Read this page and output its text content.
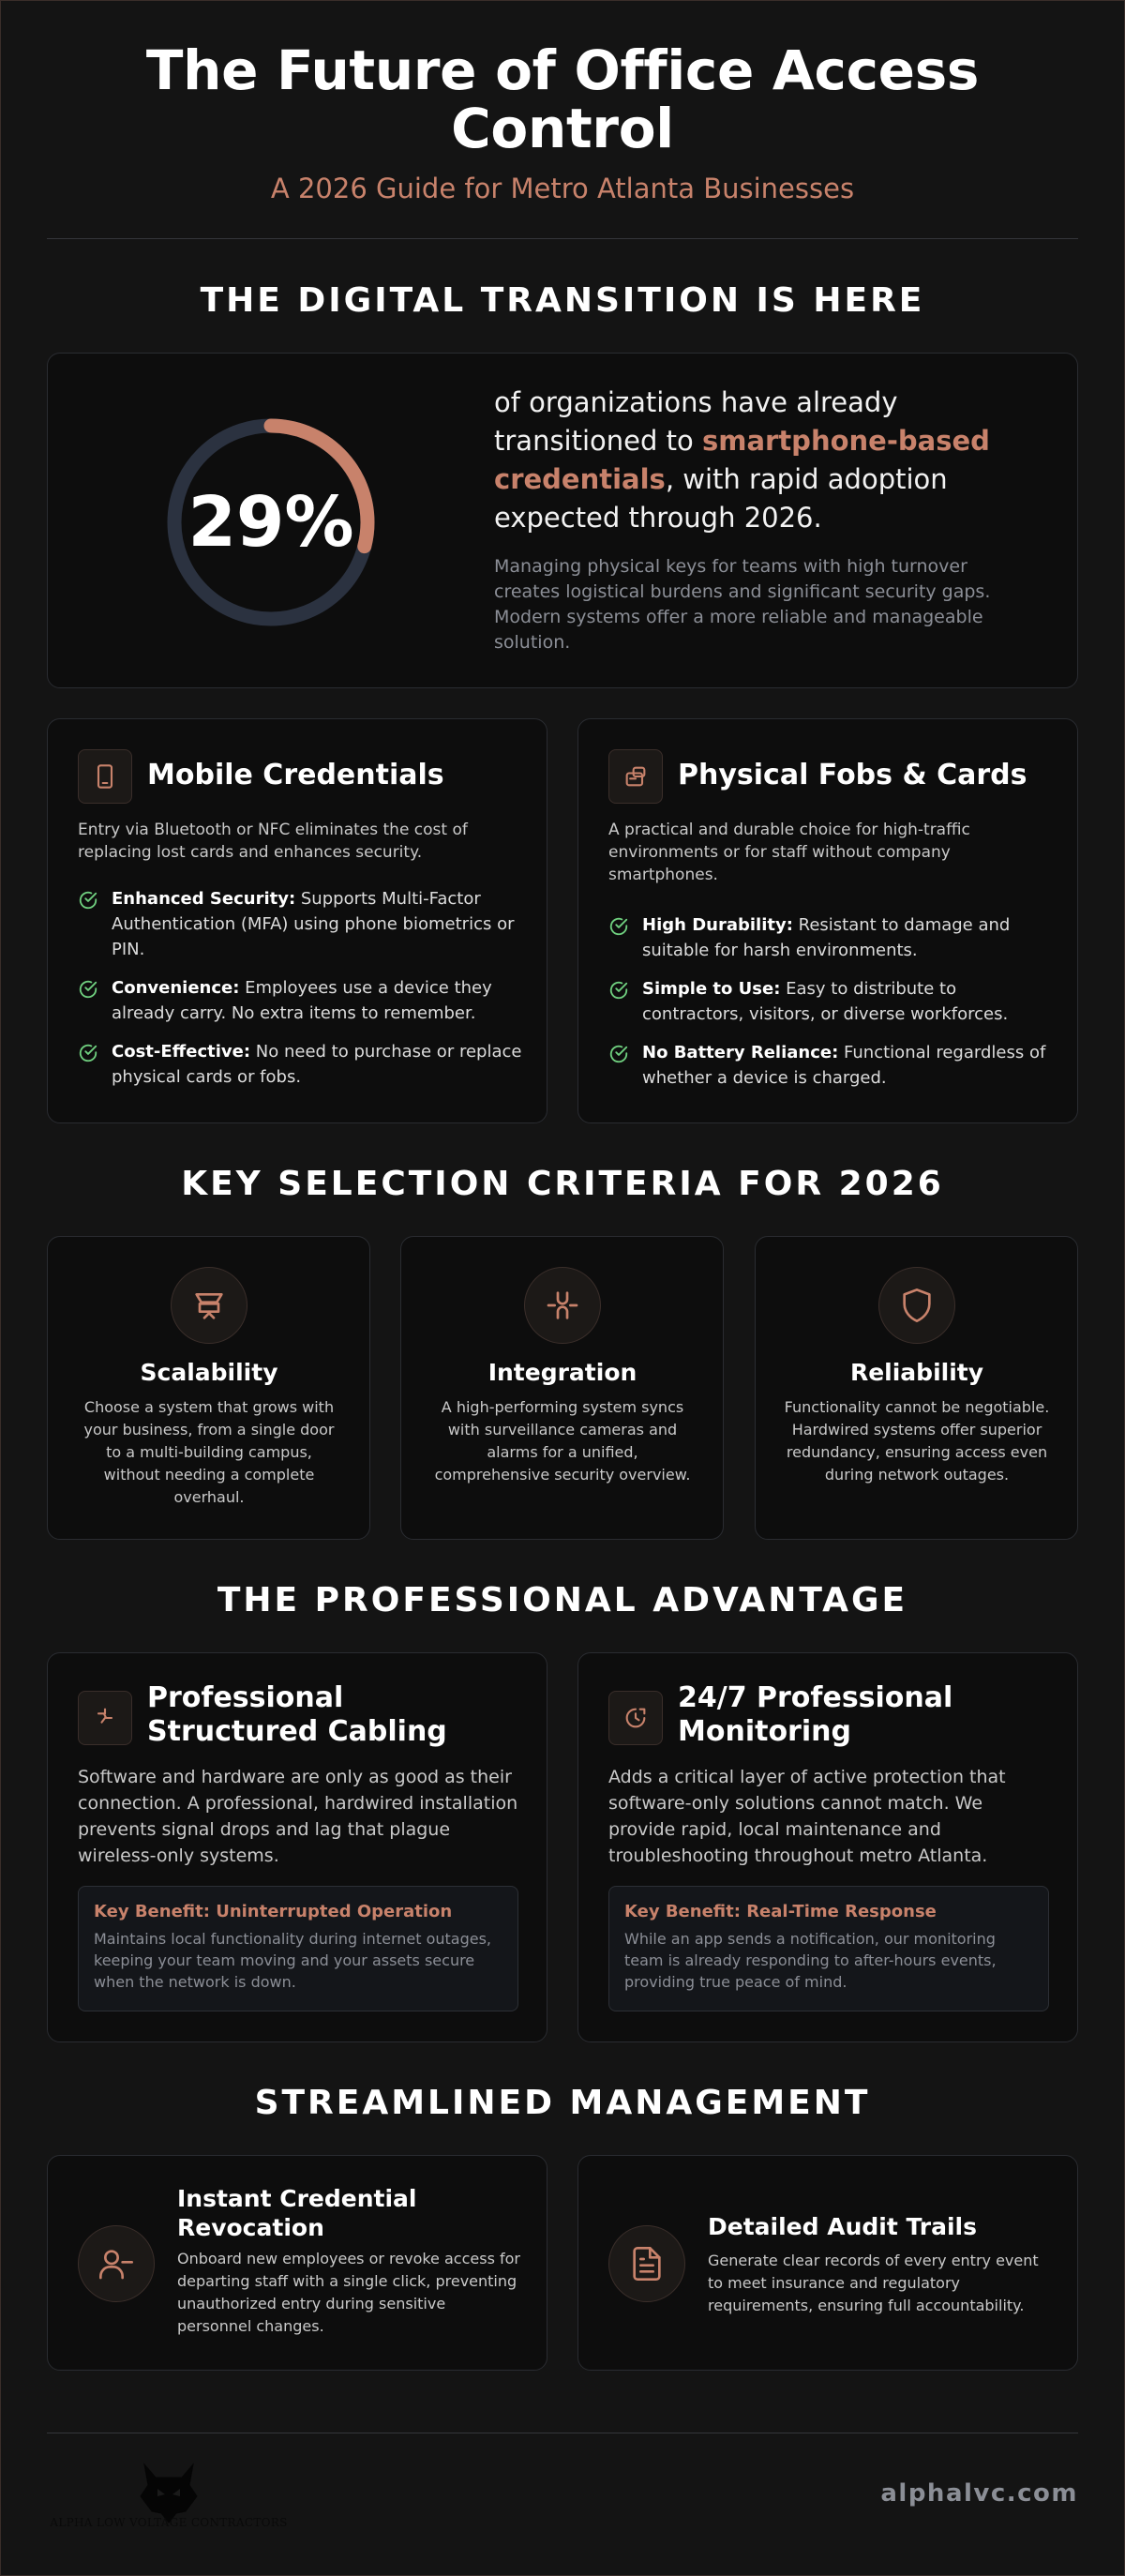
The Future of Office Access
Control
A 2026 Guide for Metro Atlanta Businesses
THE DIGITAL TRANSITION IS HERE
29%

of organizations have already transitioned to smartphone-based credentials, with rapid adoption expected through 2026.

Managing physical keys for teams with high turnover creates logistical burdens and significant security gaps. Modern systems offer a more reliable and manageable solution.

Mobile Credentials
Entry via Bluetooth or NFC eliminates the cost of replacing lost cards and enhances security.
Enhanced Security: Supports Multi-Factor Authentication (MFA) using phone biometrics or PIN.
Convenience: Employees use a device they already carry. No extra items to remember.
Cost-Effective: No need to purchase or replace physical cards or fobs.
Physical Fobs & Cards
A practical and durable choice for high-traffic environments or for staff without company smartphones.
High Durability: Resistant to damage and suitable for harsh environments.
Simple to Use: Easy to distribute to contractors, visitors, or diverse workforces.
No Battery Reliance: Functional regardless of whether a device is charged.
KEY SELECTION CRITERIA FOR 2026
Scalability
Choose a system that grows with your business, from a single door to a multi-building campus, without needing a complete overhaul.
Integration
A high-performing system syncs with surveillance cameras and alarms for a unified, comprehensive security overview.
Reliability
Functionality cannot be negotiable. Hardwired systems offer superior redundancy, ensuring access even during network outages.
THE PROFESSIONAL ADVANTAGE
Professional
Structured Cabling
Software and hardware are only as good as their connection. A professional, hardwired installation prevents signal drops and lag that plague wireless-only systems.
Key Benefit: Uninterrupted Operation
Maintains local functionality during internet outages, keeping your team moving and your assets secure when the network is down.
24/7 Professional
Monitoring
Adds a critical layer of active protection that software-only solutions cannot match. We provide rapid, local maintenance and troubleshooting throughout metro Atlanta.
Key Benefit: Real-Time Response
While an app sends a notification, our monitoring team is already responding to after-hours events, providing true peace of mind.
STREAMLINED MANAGEMENT
Instant Credential
Revocation
Onboard new employees or revoke access for departing staff with a single click, preventing unauthorized entry during sensitive personnel changes.
Detailed Audit Trails
Generate clear records of every entry event to meet insurance and regulatory requirements, ensuring full accountability.
ALPHA LOW VOLTAGE CONTRACTORS
alphalvc.com
